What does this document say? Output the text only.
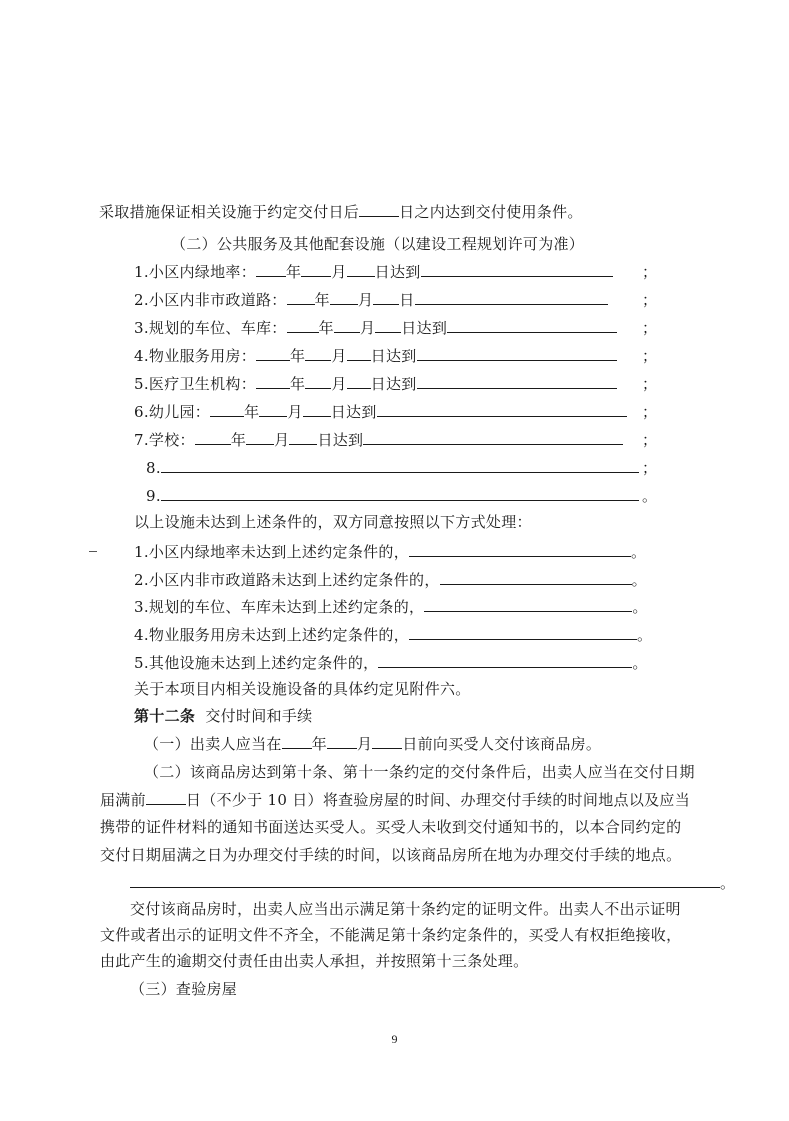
采取措施保证相关设施于约定交付日后	日之内达到交付使用条件。
（二）公共服务及其他配套设施（以建设工程规划许可为准）
1.小区内绿地率： 年 月 日达到	；
2.小区内非市政道路： 年 月 日	；
3.规划的车位、车库： 年 月 日达到	；
4.物业服务用房： 年 月 日达到	；
5.医疗卫生机构： 年 月 日达到	；
6.幼儿园： 年 月 日达到	；
7.学校： 年 月 日达到	；
8.	；
9.	。
以上设施未达到上述条件的，双方同意按照以下方式处理：
1.小区内绿地率未达到上述约定条件的，	。
2.小区内非市政道路未达到上述约定条件的，	。
3.规划的车位、车库未达到上述约定条的，	。
4.物业服务用房未达到上述约定条件的，	。
5.其他设施未达到上述约定条件的，	。
关于本项目内相关设施设备的具体约定见附件六。
第十二条 交付时间和手续
（一）出卖人应当在 年 月 日前向买受人交付该商品房。
（二）该商品房达到第十条、第十一条约定的交付条件后，出卖人应当在交付日期
届满前	日（不少于 10 日）将查验房屋的时间、办理交付手续的时间地点以及应当
携带的证件材料的通知书面送达买受人。买受人未收到交付通知书的，以本合同约定的
交付日期届满之日为办理交付手续的时间，以该商品房所在地为办理交付手续的地点。
。
交付该商品房时，出卖人应当出示满足第十条约定的证明文件。出卖人不出示证明
文件或者出示的证明文件不齐全，不能满足第十条约定条件的，买受人有权拒绝接收，
由此产生的逾期交付责任由出卖人承担，并按照第十三条处理。
（三）查验房屋
9
